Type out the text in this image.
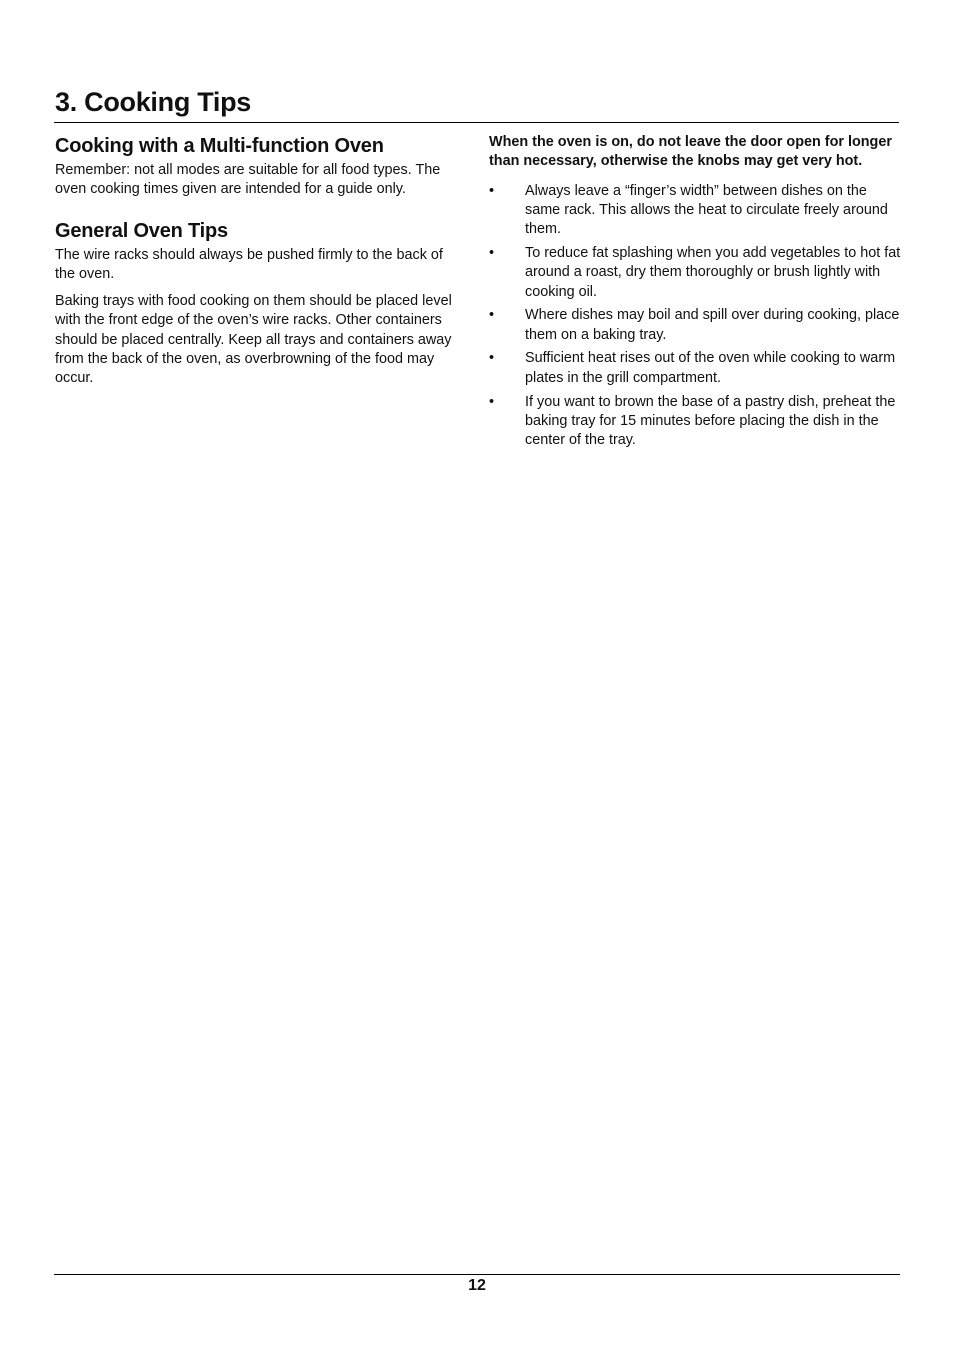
3. Cooking Tips
Cooking with a Multi-function Oven

Remember: not all modes are suitable for all food types. The oven cooking times given are intended for a guide only.

General Oven Tips

The wire racks should always be pushed firmly to the back of the oven.

Baking trays with food cooking on them should be placed level with the front edge of the oven’s wire racks. Other containers should be placed centrally. Keep all trays and containers away from the back of the oven, as overbrowning of the food may occur.

When the oven is on, do not leave the door open for longer than necessary, otherwise the knobs may get very hot.

•	Always leave a “finger’s width” between dishes on the same rack. This allows the heat to circulate freely around them.
•	To reduce fat splashing when you add vegetables to hot fat around a roast, dry them thoroughly or brush lightly with cooking oil.
•	Where dishes may boil and spill over during cooking, place them on a baking tray.
•	Sufficient heat rises out of the oven while cooking to warm plates in the grill compartment.
•	If you want to brown the base of a pastry dish, preheat the baking tray for 15 minutes before placing the dish in the center of the tray.
12
